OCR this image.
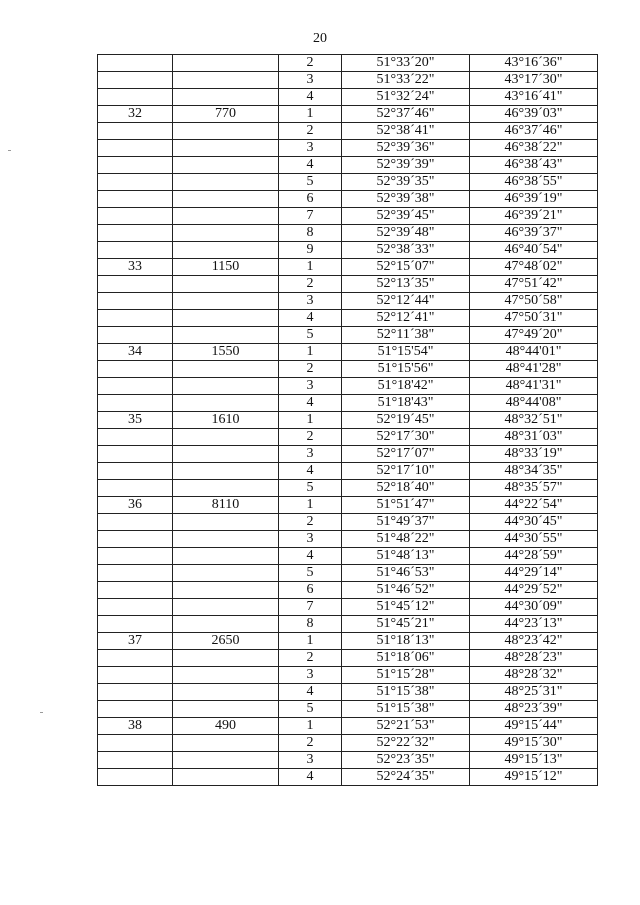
20
		2	51°33´20"	43°16´36"
		3	51°33´22"	43°17´30"
		4	51°32´24"	43°16´41"
32	770	1	52°37´46"	46°39´03"
		2	52°38´41"	46°37´46"
		3	52°39´36"	46°38´22"
		4	52°39´39"	46°38´43"
		5	52°39´35"	46°38´55"
		6	52°39´38"	46°39´19"
		7	52°39´45"	46°39´21"
		8	52°39´48"	46°39´37"
		9	52°38´33"	46°40´54"
33	1150	1	52°15´07"	47°48´02"
		2	52°13´35"	47°51´42"
		3	52°12´44"	47°50´58"
		4	52°12´41"	47°50´31"
		5	52°11´38"	47°49´20"
34	1550	1	51°15'54"	48°44'01"
		2	51°15'56"	48°41'28"
		3	51°18'42"	48°41'31"
		4	51°18'43"	48°44'08"
35	1610	1	52°19´45"	48°32´51"
		2	52°17´30"	48°31´03"
		3	52°17´07"	48°33´19"
		4	52°17´10"	48°34´35"
		5	52°18´40"	48°35´57"
36	8110	1	51°51´47"	44°22´54"
		2	51°49´37"	44°30´45"
		3	51°48´22"	44°30´55"
		4	51°48´13"	44°28´59"
		5	51°46´53"	44°29´14"
		6	51°46´52"	44°29´52"
		7	51°45´12"	44°30´09"
		8	51°45´21"	44°23´13"
37	2650	1	51°18´13"	48°23´42"
		2	51°18´06"	48°28´23"
		3	51°15´28"	48°28´32"
		4	51°15´38"	48°25´31"
		5	51°15´38"	48°23´39"
38	490	1	52°21´53"	49°15´44"
		2	52°22´32"	49°15´30"
		3	52°23´35"	49°15´13"
		4	52°24´35"	49°15´12"
